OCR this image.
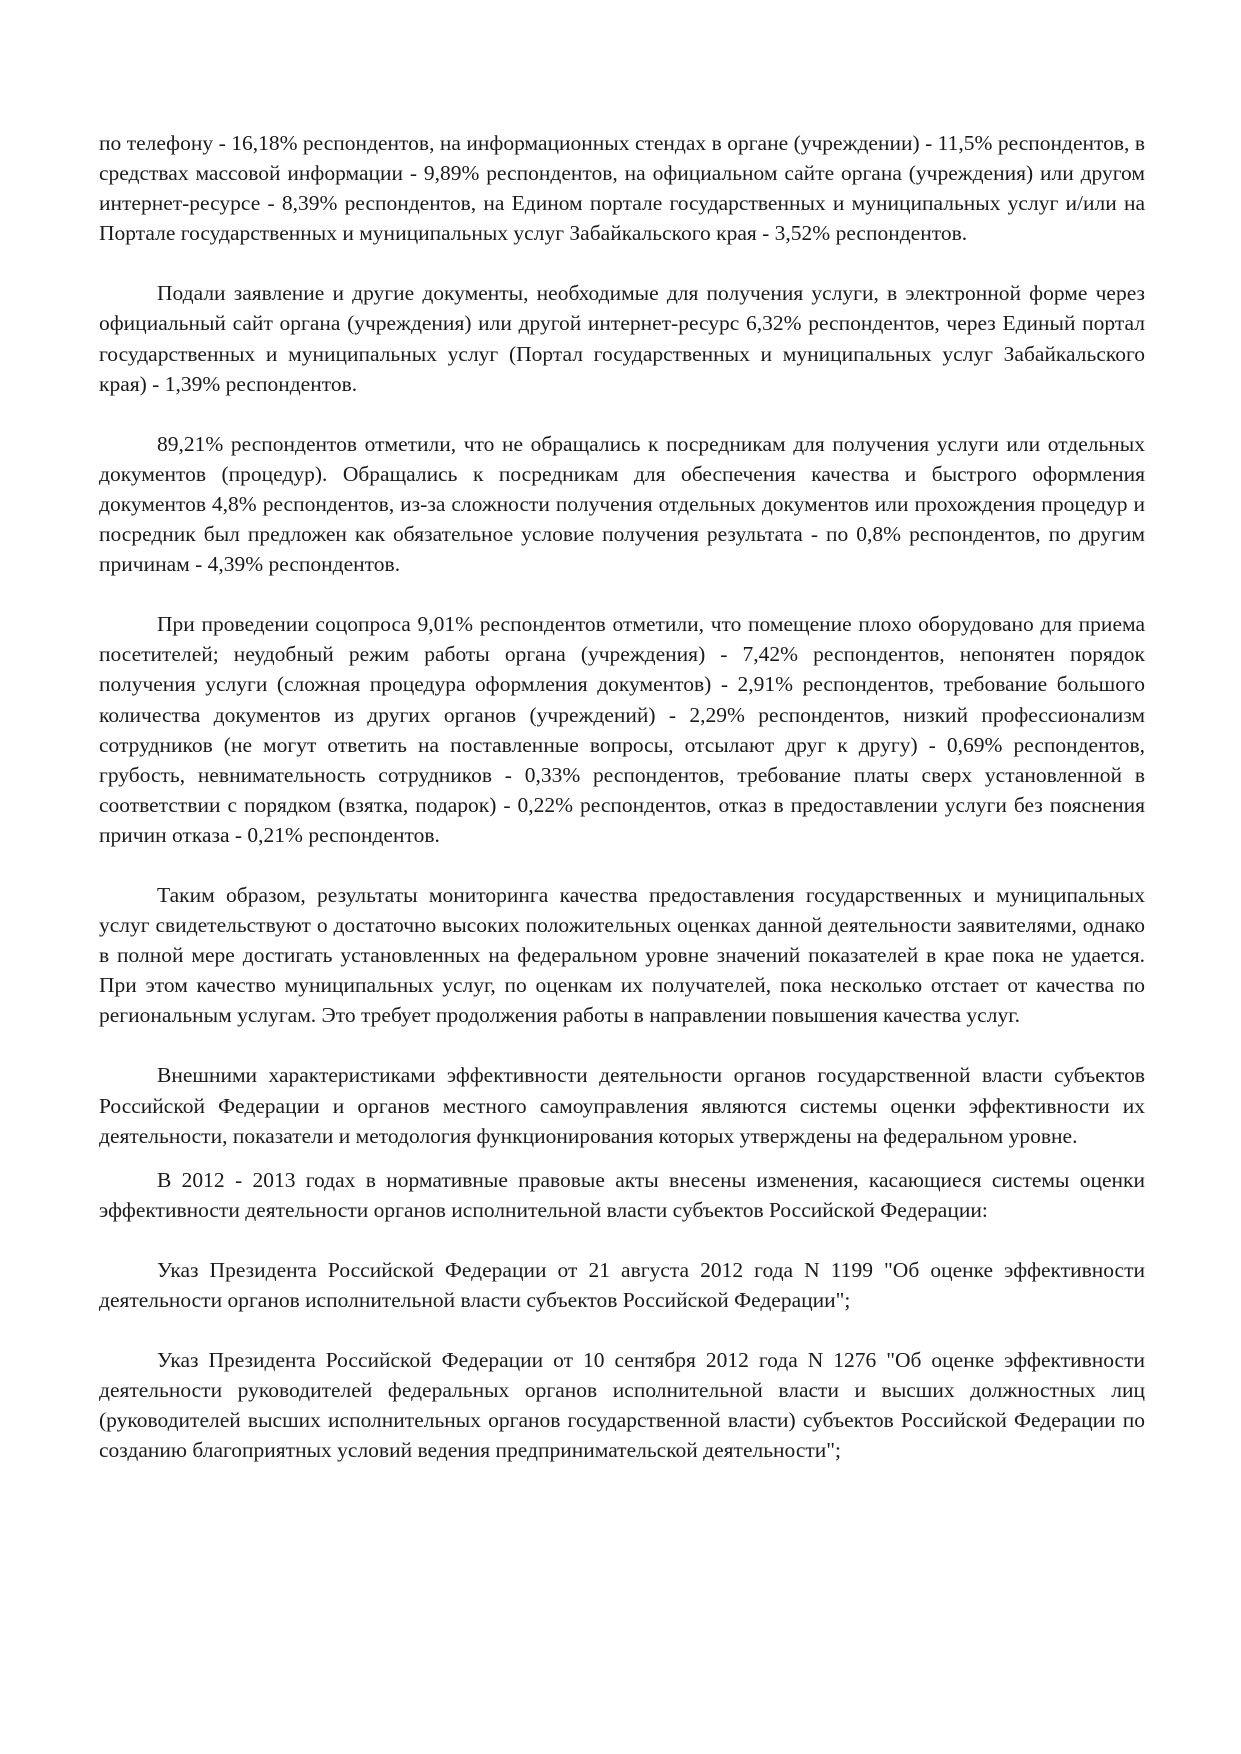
по телефону - 16,18% респондентов, на информационных стендах в органе (учреждении) - 11,5% респондентов, в средствах массовой информации - 9,89% респондентов, на официальном сайте органа (учреждения) или другом интернет-ресурсе - 8,39% респондентов, на Едином портале государственных и муниципальных услуг и/или на Портале государственных и муниципальных услуг Забайкальского края - 3,52% респондентов.

Подали заявление и другие документы, необходимые для получения услуги, в электронной форме через официальный сайт органа (учреждения) или другой интернет-ресурс 6,32% респондентов, через Единый портал государственных и муниципальных услуг (Портал государственных и муниципальных услуг Забайкальского края) - 1,39% респондентов.

89,21% респондентов отметили, что не обращались к посредникам для получения услуги или отдельных документов (процедур). Обращались к посредникам для обеспечения качества и быстрого оформления документов 4,8% респондентов, из-за сложности получения отдельных документов или прохождения процедур и посредник был предложен как обязательное условие получения результата - по 0,8% респондентов, по другим причинам - 4,39% респондентов.

При проведении соцопроса 9,01% респондентов отметили, что помещение плохо оборудовано для приема посетителей; неудобный режим работы органа (учреждения) - 7,42% респондентов, непонятен порядок получения услуги (сложная процедура оформления документов) - 2,91% респондентов, требование большого количества документов из других органов (учреждений) - 2,29% респондентов, низкий профессионализм сотрудников (не могут ответить на поставленные вопросы, отсылают друг к другу) - 0,69% респондентов, грубость, невнимательность сотрудников - 0,33% респондентов, требование платы сверх установленной в соответствии с порядком (взятка, подарок) - 0,22% респондентов, отказ в предоставлении услуги без пояснения причин отказа - 0,21% респондентов.

Таким образом, результаты мониторинга качества предоставления государственных и муниципальных услуг свидетельствуют о достаточно высоких положительных оценках данной деятельности заявителями, однако в полной мере достигать установленных на федеральном уровне значений показателей в крае пока не удается. При этом качество муниципальных услуг, по оценкам их получателей, пока несколько отстает от качества по региональным услугам. Это требует продолжения работы в направлении повышения качества услуг.

Внешними характеристиками эффективности деятельности органов государственной власти субъектов Российской Федерации и органов местного самоуправления являются системы оценки эффективности их деятельности, показатели и методология функционирования которых утверждены на федеральном уровне.

В 2012 - 2013 годах в нормативные правовые акты внесены изменения, касающиеся системы оценки эффективности деятельности органов исполнительной власти субъектов Российской Федерации:

Указ Президента Российской Федерации от 21 августа 2012 года N 1199 "Об оценке эффективности деятельности органов исполнительной власти субъектов Российской Федерации";

Указ Президента Российской Федерации от 10 сентября 2012 года N 1276 "Об оценке эффективности деятельности руководителей федеральных органов исполнительной власти и высших должностных лиц (руководителей высших исполнительных органов государственной власти) субъектов Российской Федерации по созданию благоприятных условий ведения предпринимательской деятельности";
